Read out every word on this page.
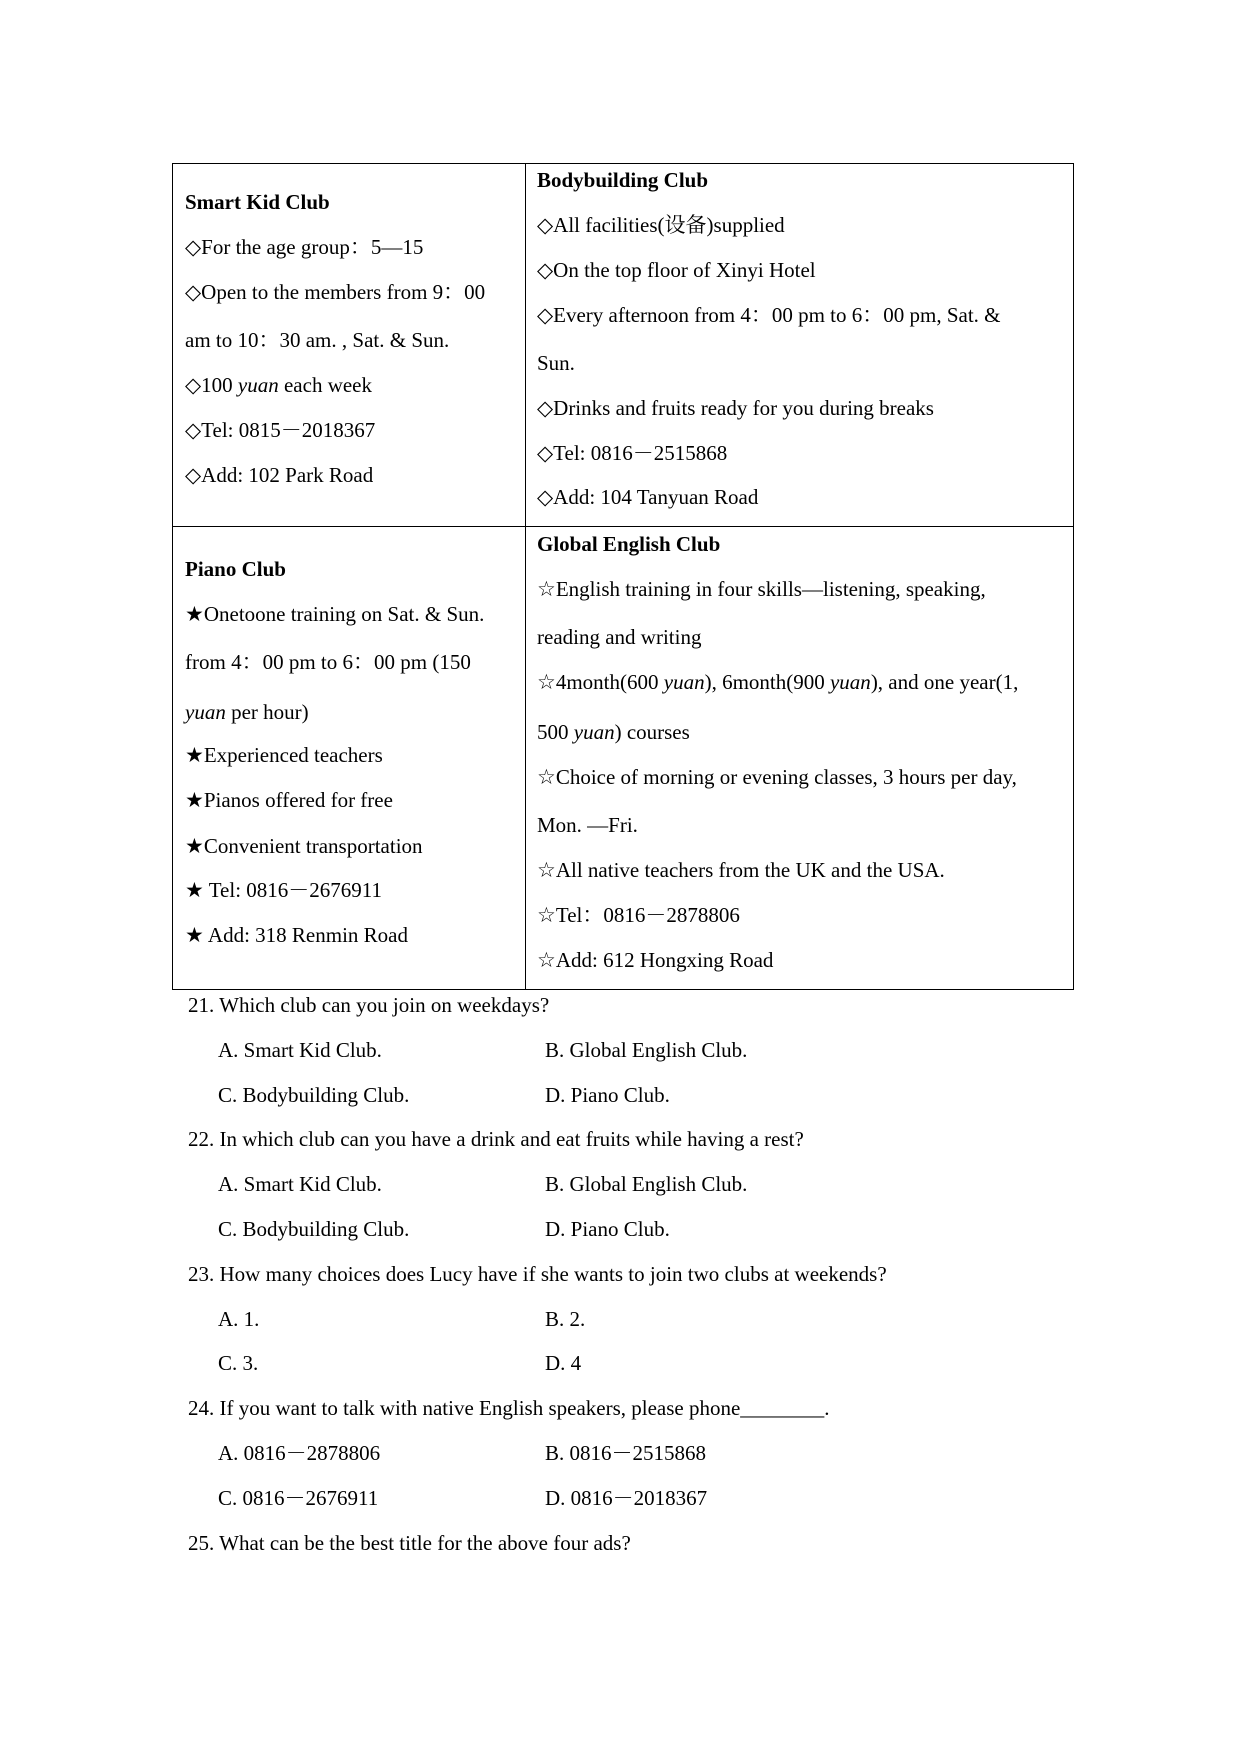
Smart Kid Club
◇For the age group：5—15
◇Open to the members from 9：00
am to 10：30 am. , Sat. & Sun.
◇100 yuan each week
◇Tel: 0815－2018367
◇Add: 102 Park Road
Bodybuilding Club
◇All facilities(设备)supplied
◇On the top floor of Xinyi Hotel
◇Every afternoon from 4：00 pm to 6：00 pm, Sat. &
Sun.
◇Drinks and fruits ready for you during breaks
◇Tel: 0816－2515868
◇Add: 104 Tanyuan Road
Piano Club
★Onetoone training on Sat. & Sun.
from 4：00 pm to 6：00 pm (150
yuan per hour)
★Experienced teachers
★Pianos offered for free
★Convenient transportation
★ Tel: 0816－2676911
★ Add: 318 Renmin Road
Global English Club
☆English training in four skills—listening, speaking,
reading and writing
☆4month(600 yuan), 6month(900 yuan), and one year(1,
500 yuan) courses
☆Choice of morning or evening classes, 3 hours per day,
Mon. —Fri.
☆All native teachers from the UK and the USA.
☆Tel：0816－2878806
☆Add: 612 Hongxing Road
21. Which club can you join on weekdays?
A. Smart Kid Club.	B. Global English Club.
C. Bodybuilding Club.	D. Piano Club.
22. In which club can you have a drink and eat fruits while having a rest?
A. Smart Kid Club.	B. Global English Club.
C. Bodybuilding Club.	D. Piano Club.
23. How many choices does Lucy have if she wants to join two clubs at weekends?
A. 1.	B. 2.
C. 3.	D. 4
24. If you want to talk with native English speakers, please phone________.
A. 0816－2878806	B. 0816－2515868
C. 0816－2676911	D. 0816－2018367
25. What can be the best title for the above four ads?
